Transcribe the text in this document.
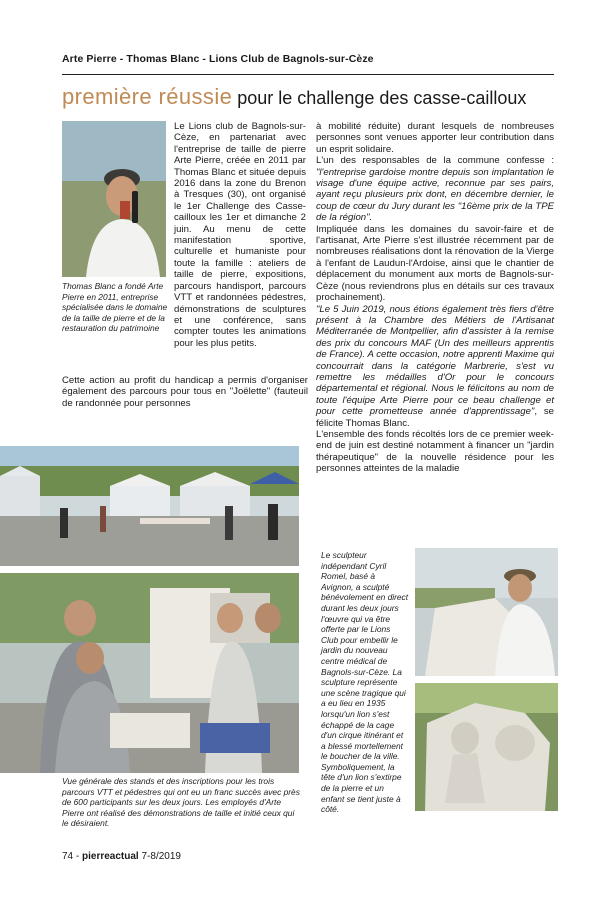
Arte Pierre - Thomas Blanc - Lions Club de Bagnols-sur-Cèze
première réussie pour le challenge des casse-cailloux
Thomas Blanc a fondé Arte Pierre en 2011, entreprise spécialisée dans le domaine de la taille de pierre et de la restauration du patrimoine

Le Lions club de Bagnols-sur-Cèze, en partenariat avec l'entreprise de taille de pierre Arte Pierre, créée en 2011 par Thomas Blanc et située depuis 2016 dans la zone du Brenon à Tresques (30), ont organisé le 1er Challenge des Casse-cailloux les 1er et dimanche 2 juin. Au menu de cette manifestation sportive, culturelle et humaniste pour toute la famille : ateliers de taille de pierre, expositions, parcours handisport, parcours VTT et randonnées pédestres, démonstrations de sculptures et une conférence, sans compter toutes les animations pour les plus petits.

Cette action au profit du handicap a permis d'organiser également des parcours pour tous en "Joëlette" (fauteuil de randonnée pour personnes

à mobilité réduite) durant lesquels de nombreuses personnes sont venues apporter leur contribution dans un esprit solidaire.

L'un des responsables de la commune confesse : "l'entreprise gardoise montre depuis son implantation le visage d'une équipe active, reconnue par ses pairs, ayant reçu plusieurs prix dont, en décembre dernier, le coup de cœur du Jury durant les "16ème prix de la TPE de la région".

Impliquée dans les domaines du savoir-faire et de l'artisanat, Arte Pierre s'est illustrée récemment par de nombreuses réalisations dont la rénovation de la Vierge à l'enfant de Laudun-l'Ardoise, ainsi que le chantier de déplacement du monument aux morts de Bagnols-sur-Cèze (nous reviendrons plus en détails sur ces travaux prochainement).

"Le 5 Juin 2019, nous étions également très fiers d'être présent à la Chambre des Métiers de l'Artisanat Méditerranée de Montpellier, afin d'assister à la remise des prix du concours MAF (Un des meilleurs apprentis de France). A cette occasion, notre apprenti Maxime qui concourrait dans la catégorie Marbrerie, s'est vu remettre les médailles d'Or pour le concours départemental et régional. Nous le félicitons au nom de toute l'équipe Arte Pierre pour ce beau challenge et pour cette prometteuse année d'apprentissage", se félicite Thomas Blanc.

L'ensemble des fonds récoltés lors de ce premier week-end de juin est destiné notamment à financer un "jardin thérapeutique" de la nouvelle résidence pour les personnes atteintes de la maladie

Vue générale des stands et des inscriptions pour les trois parcours VTT et pédestres qui ont eu un franc succès avec près de 600 participants sur les deux jours. Les employés d'Arte Pierre ont réalisé des démonstrations de taille et initié ceux qui le désiraient.
Le sculpteur indépendant Cyril Romel, basé à Avignon, a sculpté bénévolement en direct durant les deux jours l'œuvre qui va être offerte par le Lions Club pour embellir le jardin du nouveau centre médical de Bagnols-sur-Cèze. La sculpture représente une scène tragique qui a eu lieu en 1935 lorsqu'un lion s'est échappé de la cage d'un cirque itinérant et a blessé mortellement le boucher de la ville. Symboliquement, la tête d'un lion s'extirpe de la pierre et un enfant se tient juste à côté.
74 - pierreactual 7-8/2019
